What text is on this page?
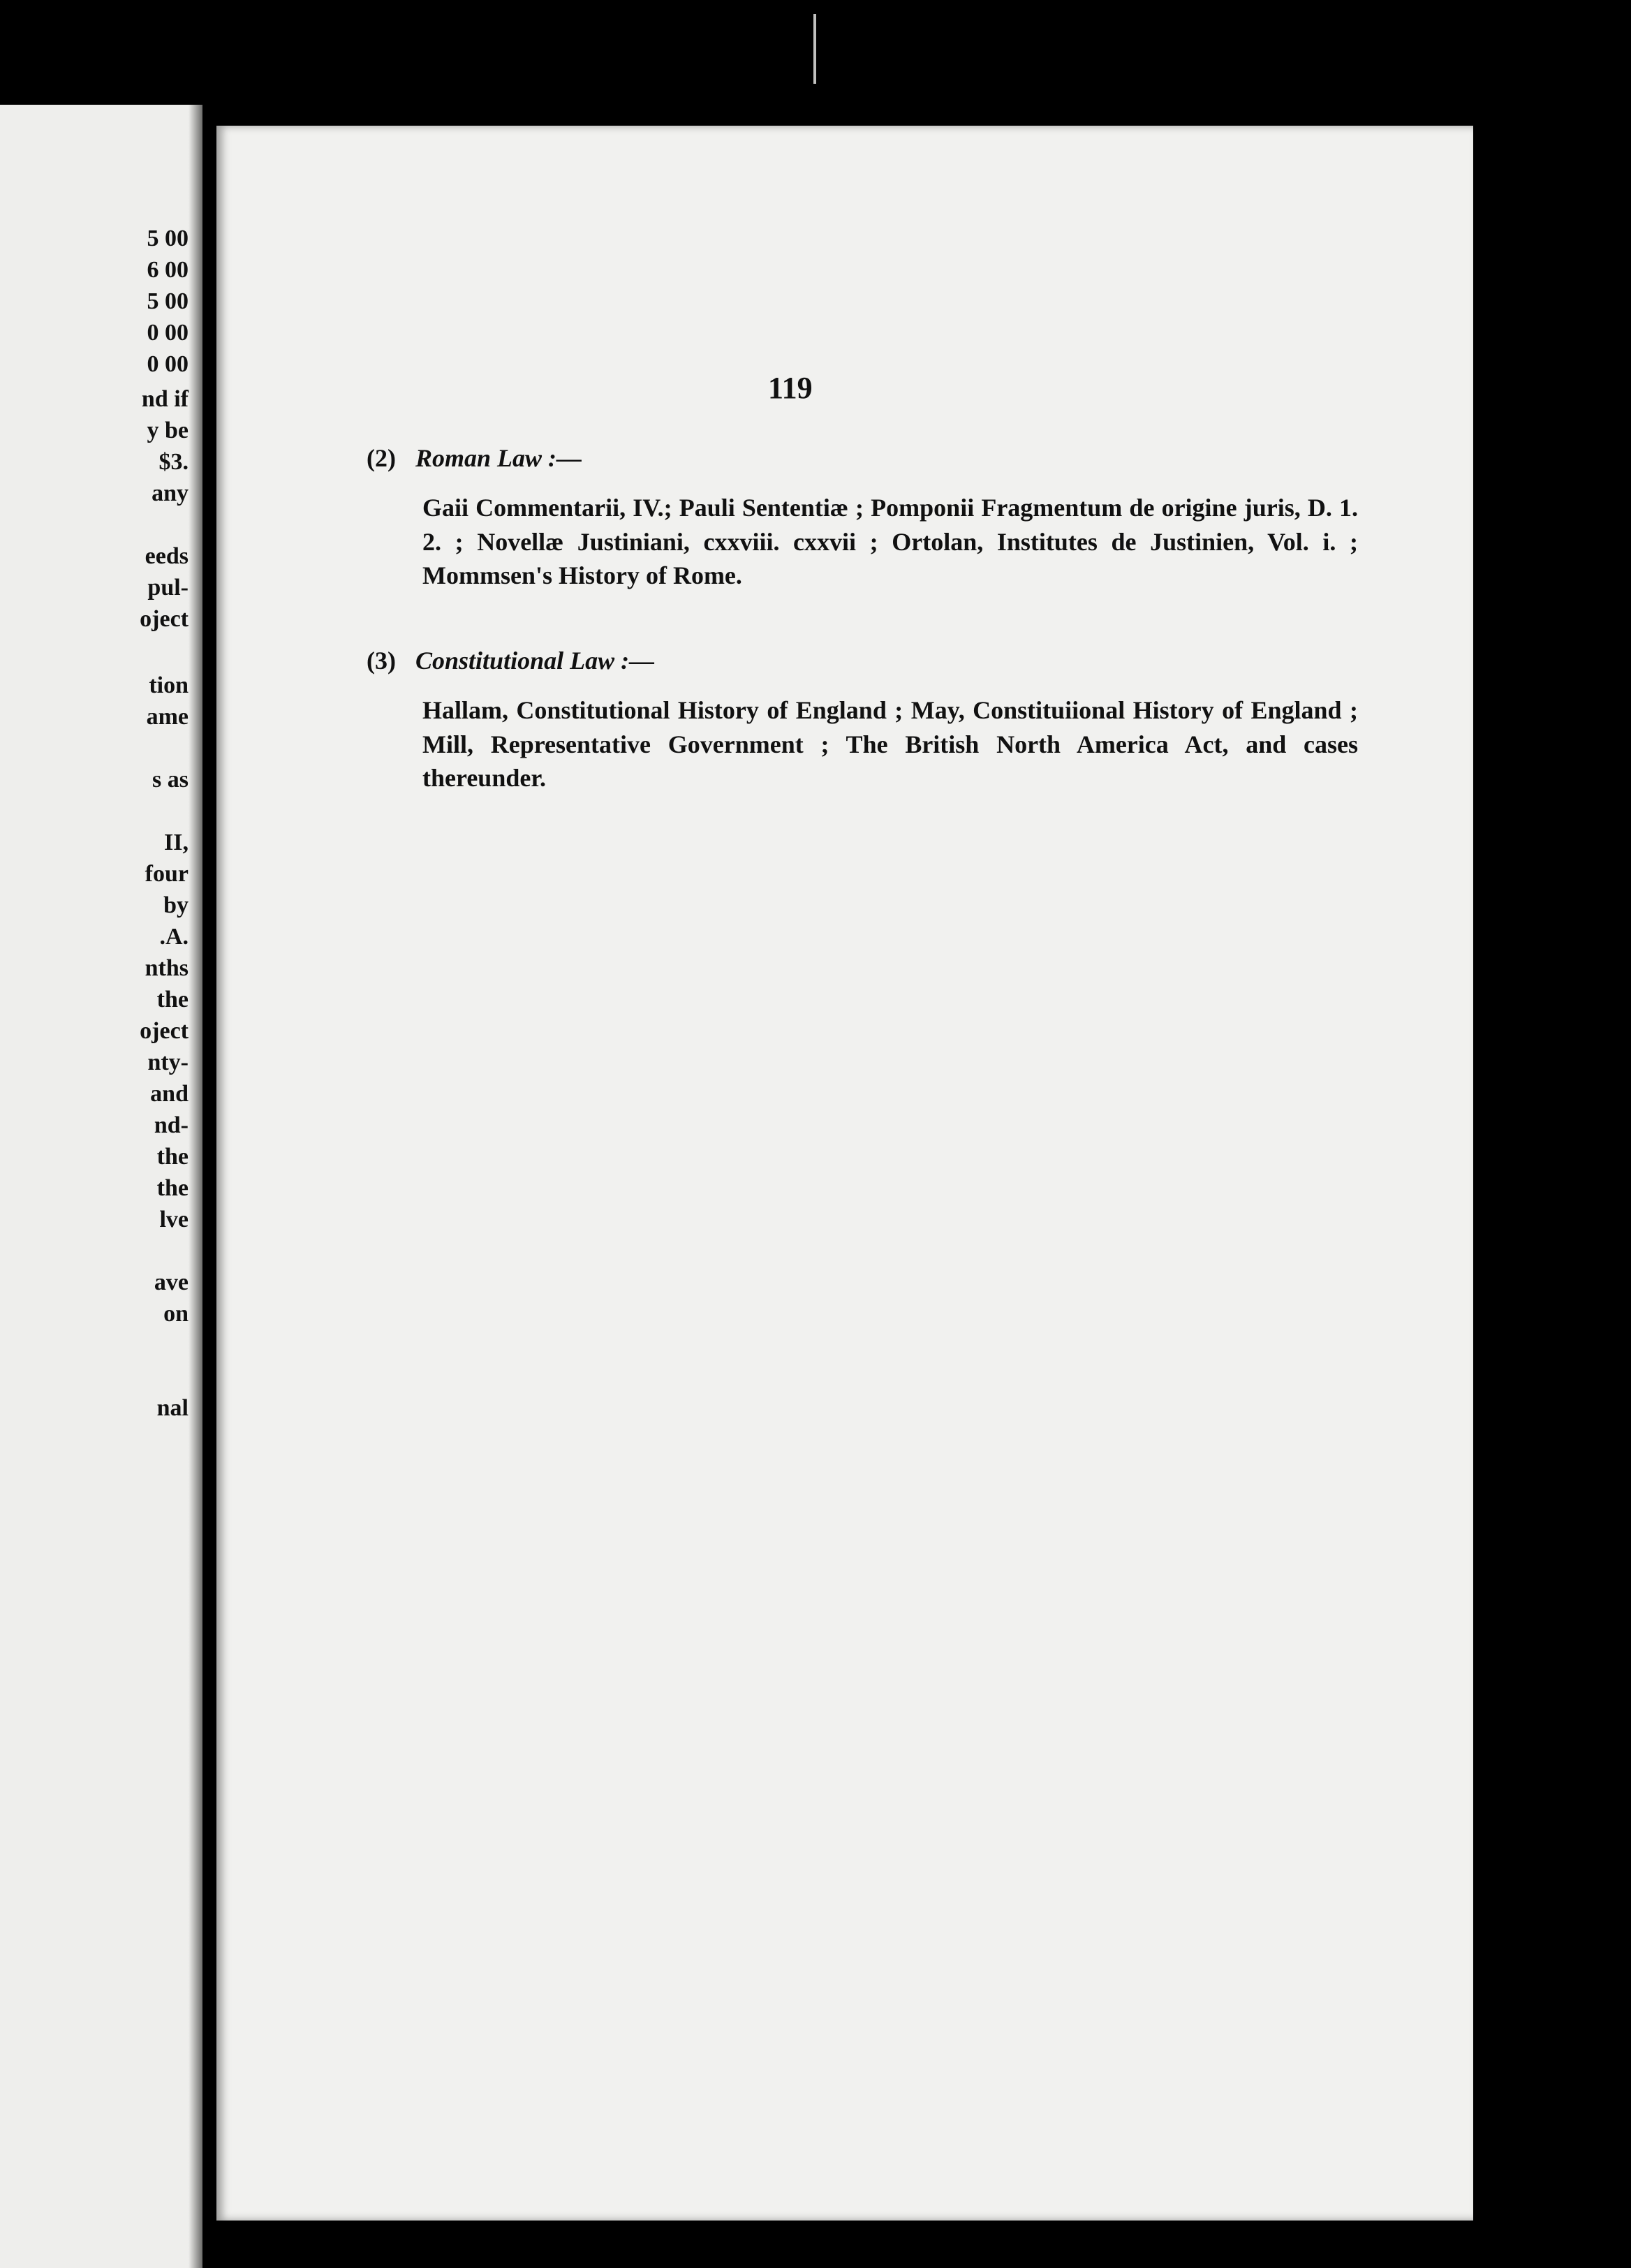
5 00
6 00
5 00
0 00
0 00
nd if
y be
$3.
any
eeds
pul-
oject
tion
ame
s as
II,
four
by
.A.
nths
the
oject
nty-
and
nd-
the
the
lve
ave
on
nal
119
(2) Roman Law :—
Gaii Commentarii, IV.; Pauli Sententiæ ; Pomponii Fragmentum de origine juris, D. 1. 2. ; Novellæ Justiniani, cxxviii. cxxvii ; Ortolan, Institutes de Justinien, Vol. i. ; Mommsen's History of Rome.
(3) Constitutional Law :—
Hallam, Constitutional History of England ; May, Constituiional History of England ; Mill, Representative Government ; The British North America Act, and cases thereunder.
